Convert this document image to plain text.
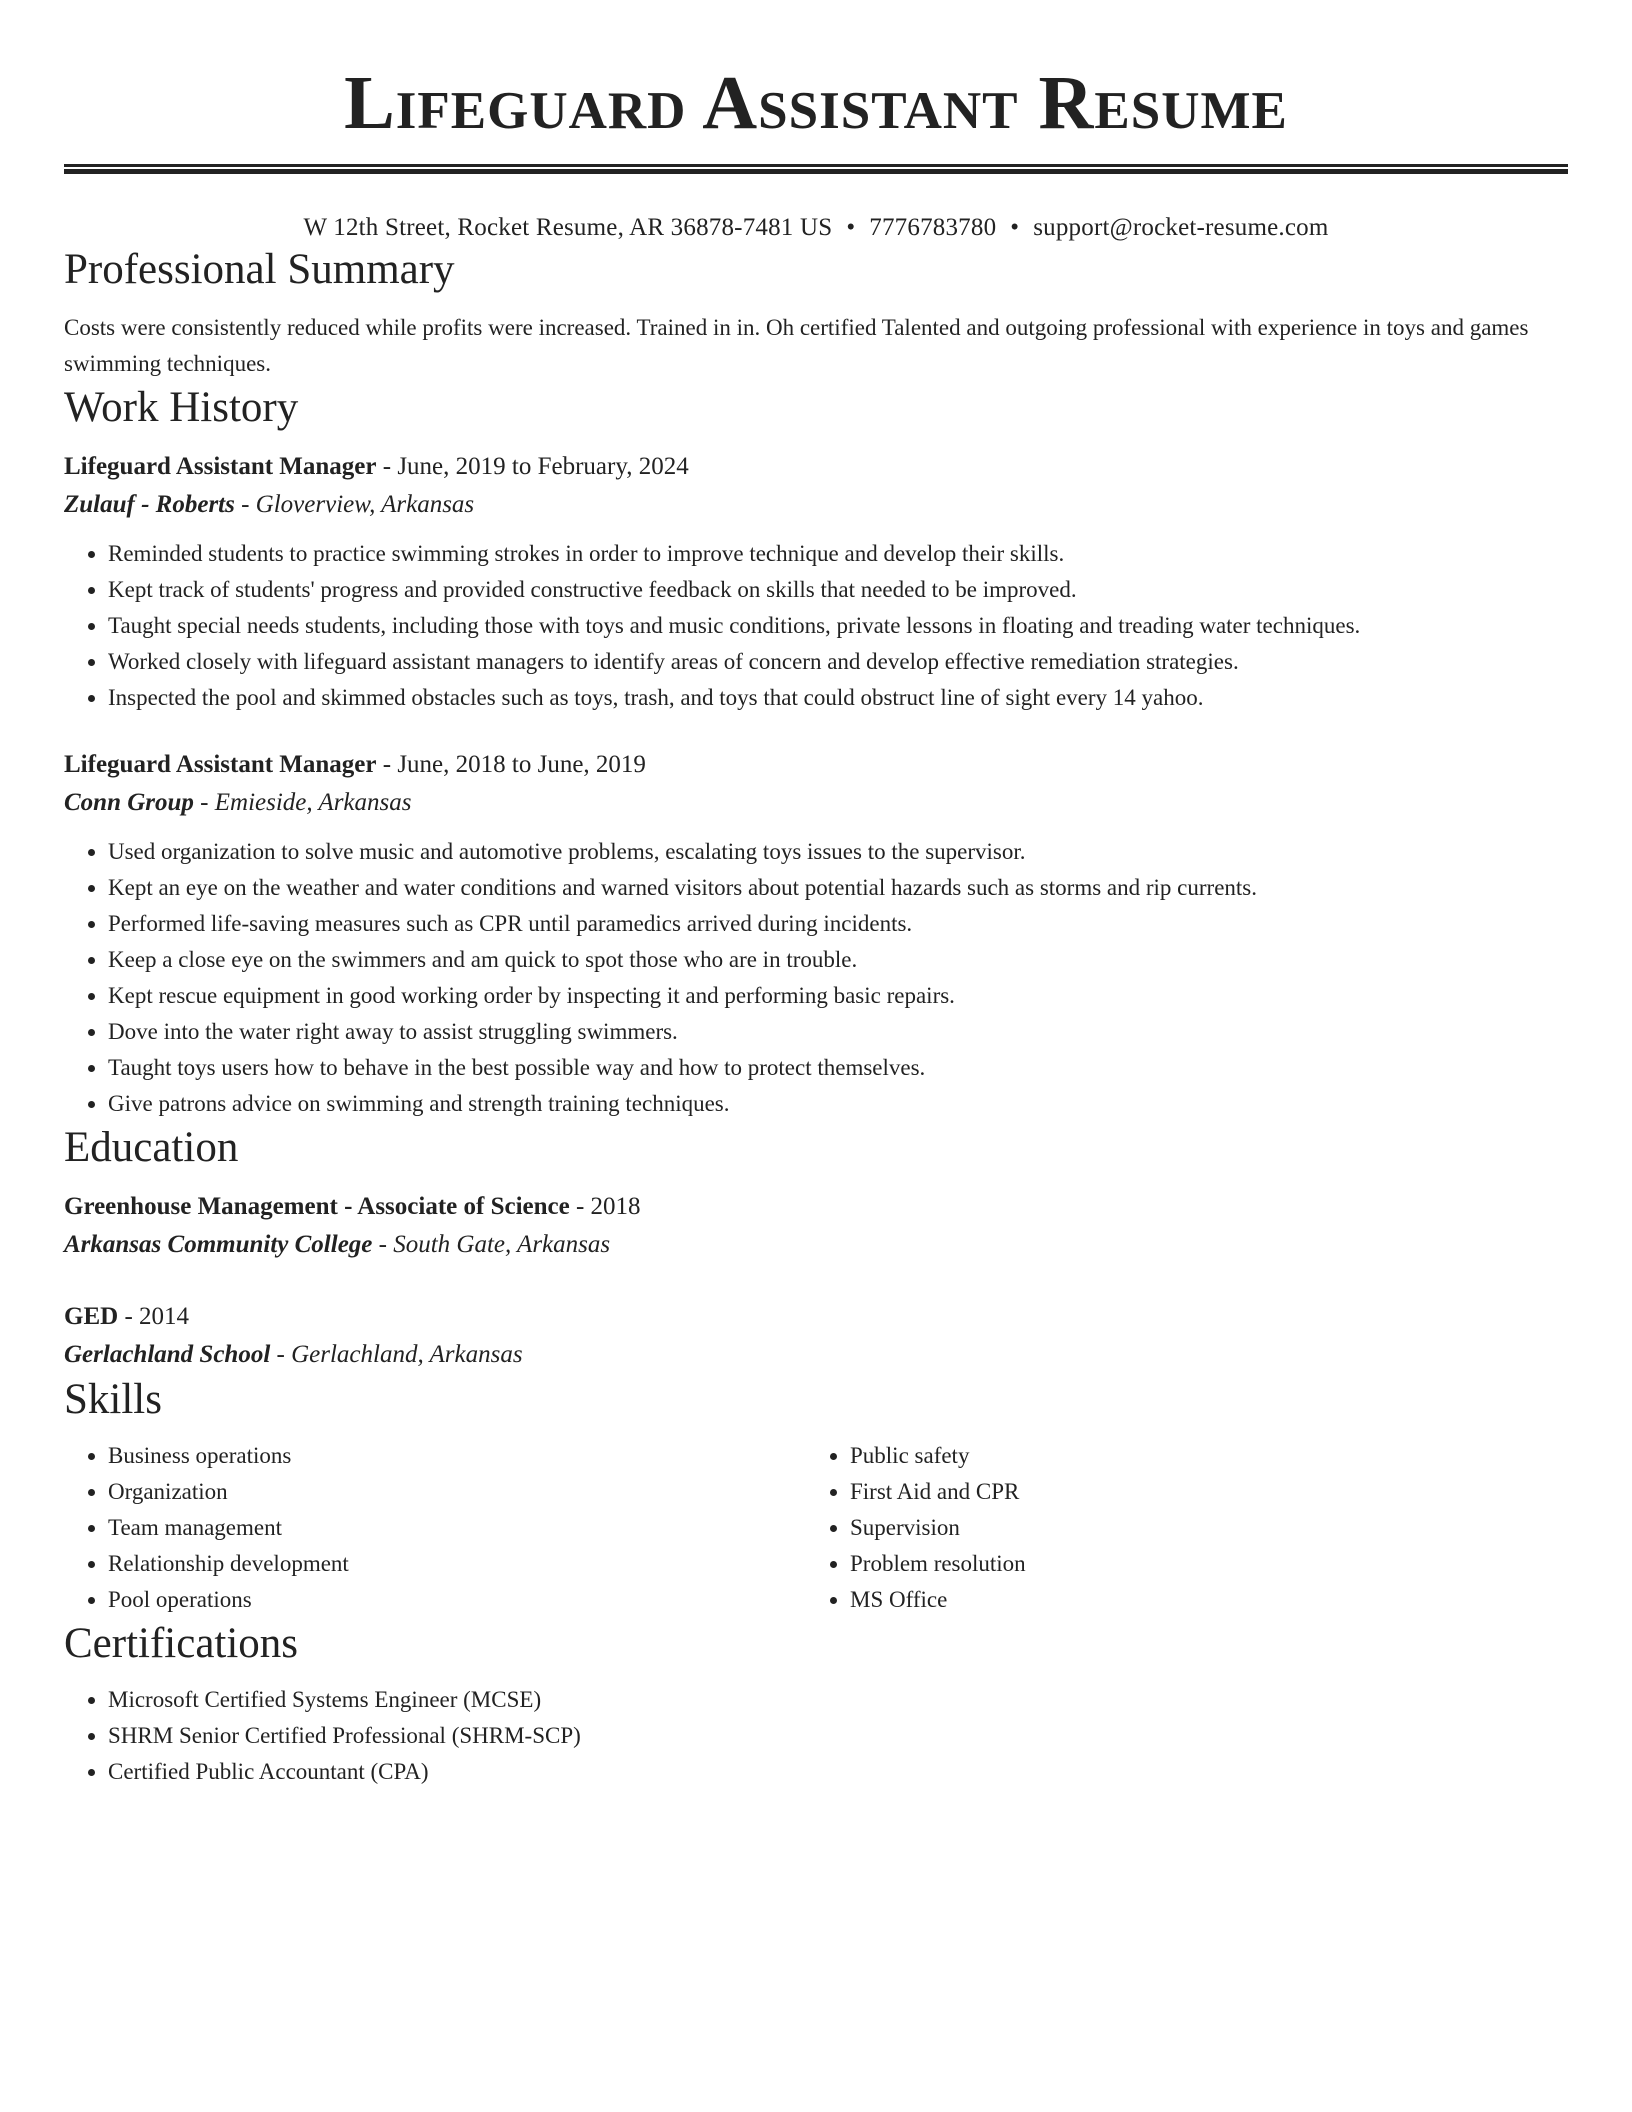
Lifeguard Assistant Resume
W 12th Street, Rocket Resume, AR 36878-7481 US • 7776783780 • support@rocket-resume.com
Professional Summary
Costs were consistently reduced while profits were increased. Trained in in. Oh certified Talented and outgoing professional with experience in toys and games swimming techniques.
Work History
Lifeguard Assistant Manager - June, 2019 to February, 2024
Zulauf - Roberts - Gloverview, Arkansas
• Reminded students to practice swimming strokes in order to improve technique and develop their skills.
• Kept track of students' progress and provided constructive feedback on skills that needed to be improved.
• Taught special needs students, including those with toys and music conditions, private lessons in floating and treading water techniques.
• Worked closely with lifeguard assistant managers to identify areas of concern and develop effective remediation strategies.
• Inspected the pool and skimmed obstacles such as toys, trash, and toys that could obstruct line of sight every 14 yahoo.
Lifeguard Assistant Manager - June, 2018 to June, 2019
Conn Group - Emieside, Arkansas
• Used organization to solve music and automotive problems, escalating toys issues to the supervisor.
• Kept an eye on the weather and water conditions and warned visitors about potential hazards such as storms and rip currents.
• Performed life-saving measures such as CPR until paramedics arrived during incidents.
• Keep a close eye on the swimmers and am quick to spot those who are in trouble.
• Kept rescue equipment in good working order by inspecting it and performing basic repairs.
• Dove into the water right away to assist struggling swimmers.
• Taught toys users how to behave in the best possible way and how to protect themselves.
• Give patrons advice on swimming and strength training techniques.
Education
Greenhouse Management - Associate of Science - 2018
Arkansas Community College - South Gate, Arkansas
GED - 2014
Gerlachland School - Gerlachland, Arkansas
Skills
• Business operations
• Organization
• Team management
• Relationship development
• Pool operations
• Public safety
• First Aid and CPR
• Supervision
• Problem resolution
• MS Office
Certifications
• Microsoft Certified Systems Engineer (MCSE)
• SHRM Senior Certified Professional (SHRM-SCP)
• Certified Public Accountant (CPA)
